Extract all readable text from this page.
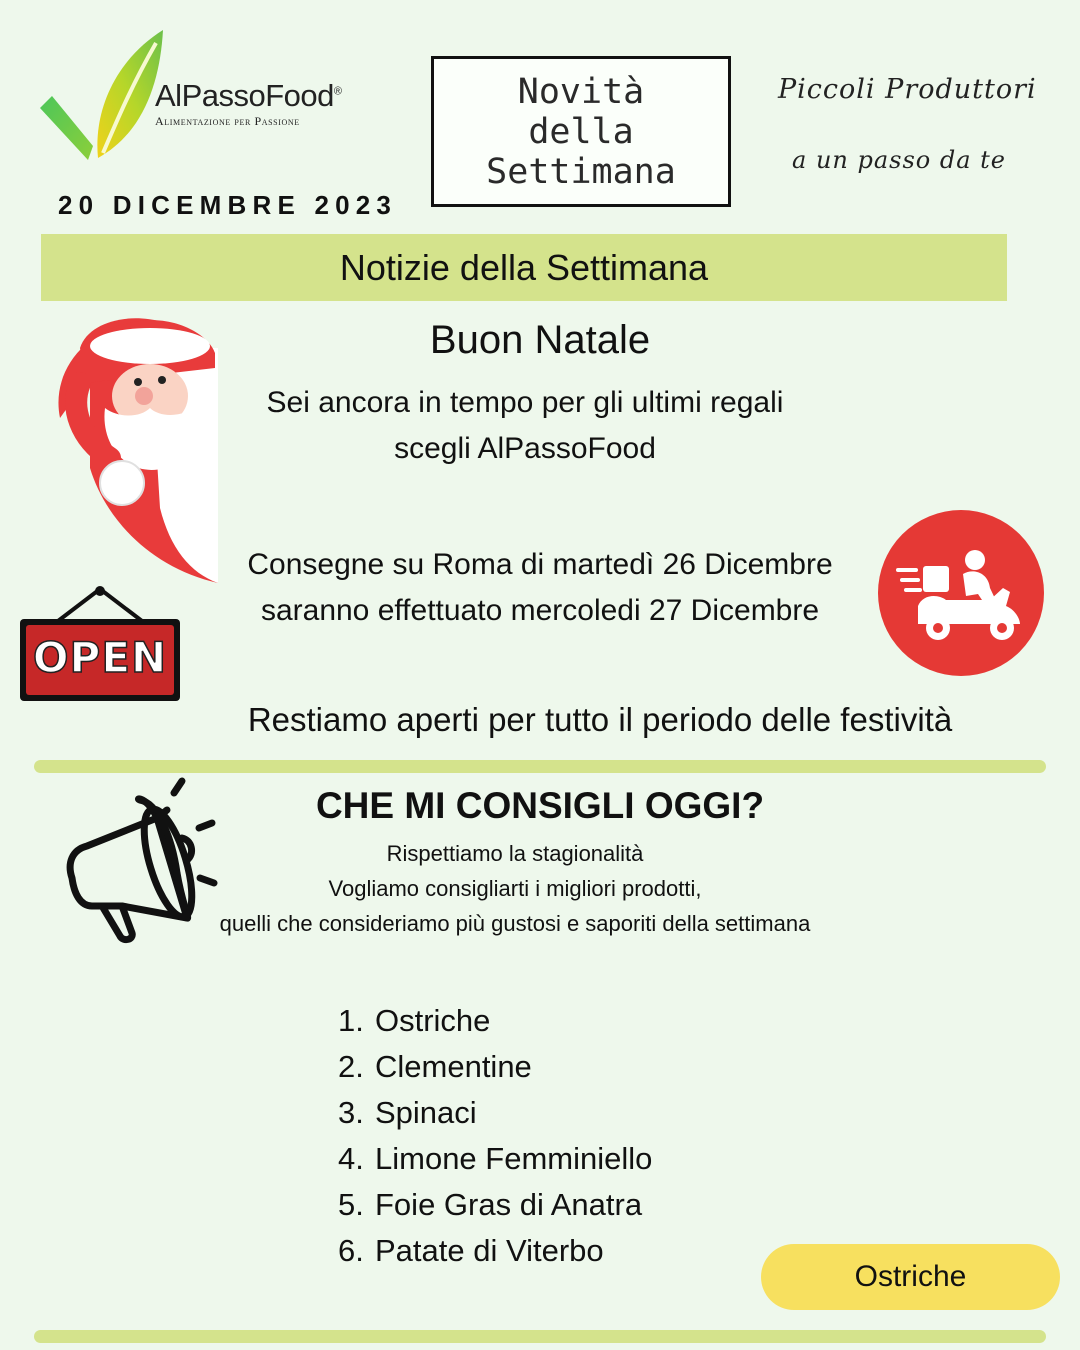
AlPassoFood®
Alimentazione per Passione
20 DICEMBRE 2023
Novità
della
Settimana
Piccoli Produttori
a un passo da te
Notizie della Settimana
Buon Natale
Sei ancora in tempo per gli ultimi regali
scegli AlPassoFood
Consegne su Roma di martedì 26 Dicembre
saranno effettuato mercoledi 27 Dicembre
OPEN
Restiamo aperti per tutto il periodo delle festività
CHE MI CONSIGLI OGGI?
Rispettiamo la stagionalità
Vogliamo consigliarti i migliori prodotti,
quelli che consideriamo più gustosi e saporiti della settimana
1. Ostriche
2. Clementine
3. Spinaci
4. Limone Femminiello
5. Foie Gras di Anatra
6. Patate di Viterbo
Ostriche
